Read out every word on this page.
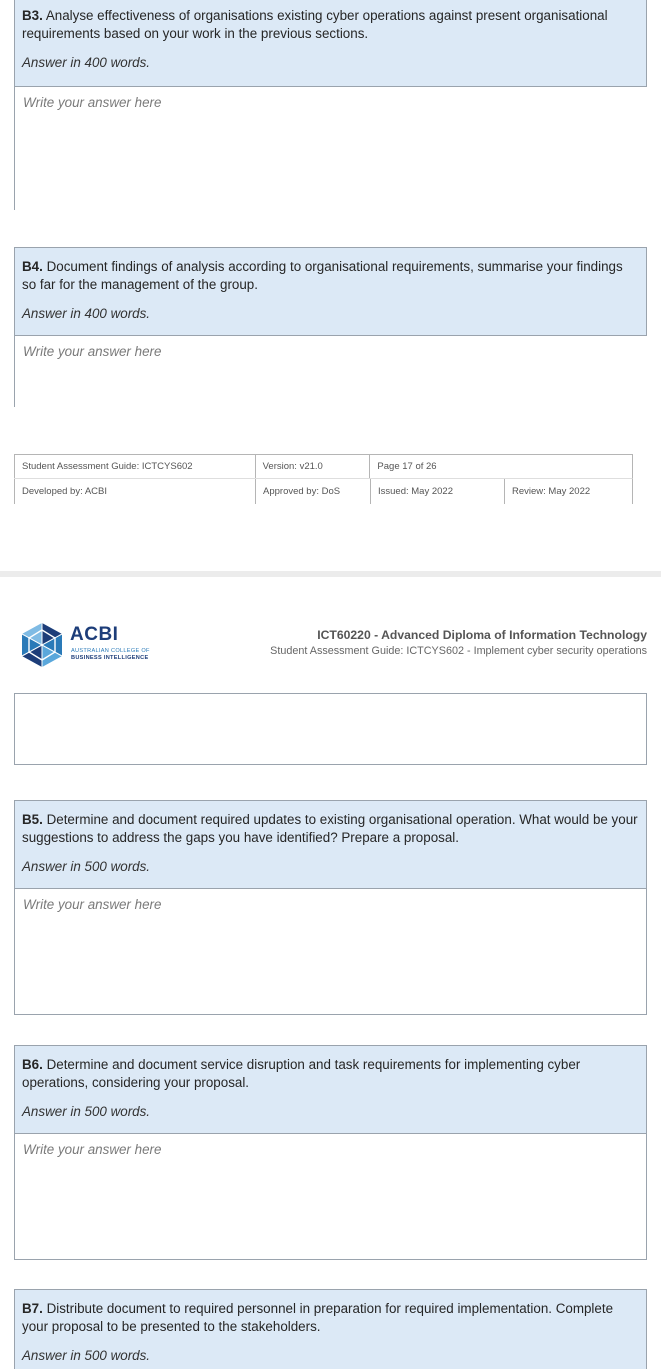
B3. Analyse effectiveness of organisations existing cyber operations against present organisational requirements based on your work in the previous sections.
Answer in 400 words.
Write your answer here
B4. Document findings of analysis according to organisational requirements, summarise your findings so far for the management of the group.
Answer in 400 words.
Write your answer here
Student Assessment Guide: ICTCYS602	Version: v21.0	Page 17 of 26
Developed by: ACBI	Approved by: DoS	Issued: May 2022	Review: May 2022
ACBI
AUSTRALIAN COLLEGE OF
BUSINESS INTELLIGENCE
ICT60220 - Advanced Diploma of Information Technology
Student Assessment Guide: ICTCYS602 - Implement cyber security operations
B5. Determine and document required updates to existing organisational operation. What would be your suggestions to address the gaps you have identified? Prepare a proposal.
Answer in 500 words.
Write your answer here
B6. Determine and document service disruption and task requirements for implementing cyber operations, considering your proposal.
Answer in 500 words.
Write your answer here
B7. Distribute document to required personnel in preparation for required implementation. Complete your proposal to be presented to the stakeholders.
Answer in 500 words.
